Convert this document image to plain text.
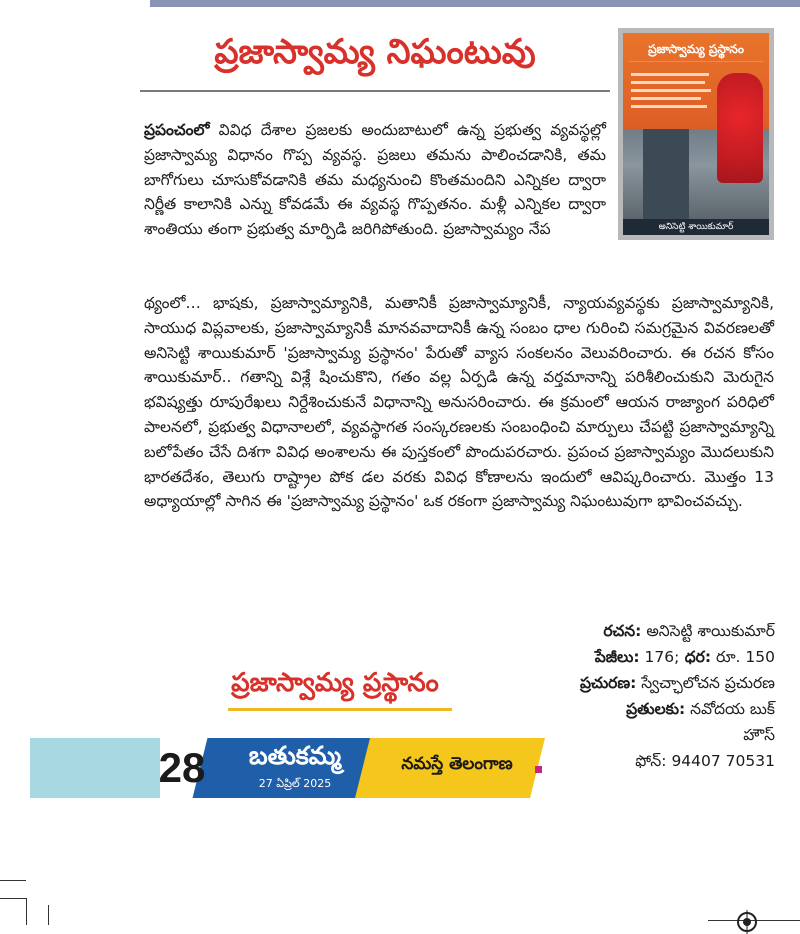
ప్రజాస్వామ్య నిఘంటువు	ప్రజాస్వామ్య ప్రస్థానం
అనిసెట్టి శాయికుమార్
ప్రపంచంలో వివిధ దేశాల ప్రజలకు అందుబాటులో ఉన్న ప్రభుత్వ వ్యవస్థల్లో ప్రజాస్వామ్య విధానం గొప్ప వ్యవస్థ. ప్రజలు తమను పాలించడానికి, తమ బాగోగులు చూసుకోవడానికి తమ మధ్యనుంచి కొంతమందిని ఎన్నికల ద్వారా నిర్ణీత కాలానికి ఎన్ను కోవడమే ఈ వ్యవస్థ గొప్పతనం. మళ్లీ ఎన్నికల ద్వారా శాంతియు తంగా ప్రభుత్వ మార్పిడి జరిగిపోతుంది. ప్రజాస్వామ్యం నేప
థ్యంలో… భాషకు, ప్రజాస్వామ్యానికి, మతానికీ ప్రజాస్వామ్యానికీ, న్యాయవ్యవస్థకు ప్రజాస్వామ్యానికి, సాయుధ విప్లవాలకు, ప్రజాస్వామ్యానికీ మానవవాదానికీ ఉన్న సంబం ధాల గురించి సమగ్రమైన వివరణలతో అనిసెట్టి శాయికుమార్ 'ప్రజాస్వామ్య ప్రస్థానం' పేరుతో వ్యాస సంకలనం వెలువరించారు. ఈ రచన కోసం శాయికుమార్.. గతాన్ని విశ్లే షించుకొని, గతం వల్ల ఏర్పడి ఉన్న వర్తమానాన్ని పరిశీలించుకుని మెరుగైన భవిష్యత్తు రూపురేఖలు నిర్దేశించుకునే విధానాన్ని అనుసరించారు. ఈ క్రమంలో ఆయన రాజ్యాంగ పరిధిలో పాలనలో, ప్రభుత్వ విధానాలలో, వ్యవస్థాగత సంస్కరణలకు సంబంధించి మార్పులు చేపట్టి ప్రజాస్వామ్యాన్ని బలోపేతం చేసే దిశగా వివిధ అంశాలను ఈ పుస్తకంలో పొందుపరచారు. ప్రపంచ ప్రజాస్వామ్యం మొదలుకుని భారతదేశం, తెలుగు రాష్ట్రాల పోక డల వరకు వివిధ కోణాలను ఇందులో ఆవిష్కరించారు. మొత్తం 13 అధ్యాయాల్లో సాగిన ఈ 'ప్రజాస్వామ్య ప్రస్థానం' ఒక రకంగా ప్రజాస్వామ్య నిఘంటువుగా భావించవచ్చు.
రచన: అనిసెట్టి శాయికుమార్
పేజీలు: 176; ధర: రూ. 150
ప్రచురణ: స్వేచ్ఛాలోచన ప్రచురణ
ప్రతులకు: నవోదయ బుక్
హౌస్
ఫోన్: 94407 70531
ప్రజాస్వామ్య ప్రస్థానం
28	బతుకమ్మ
27 ఏప్రిల్ 2025
నమస్తే తెలంగాణ
